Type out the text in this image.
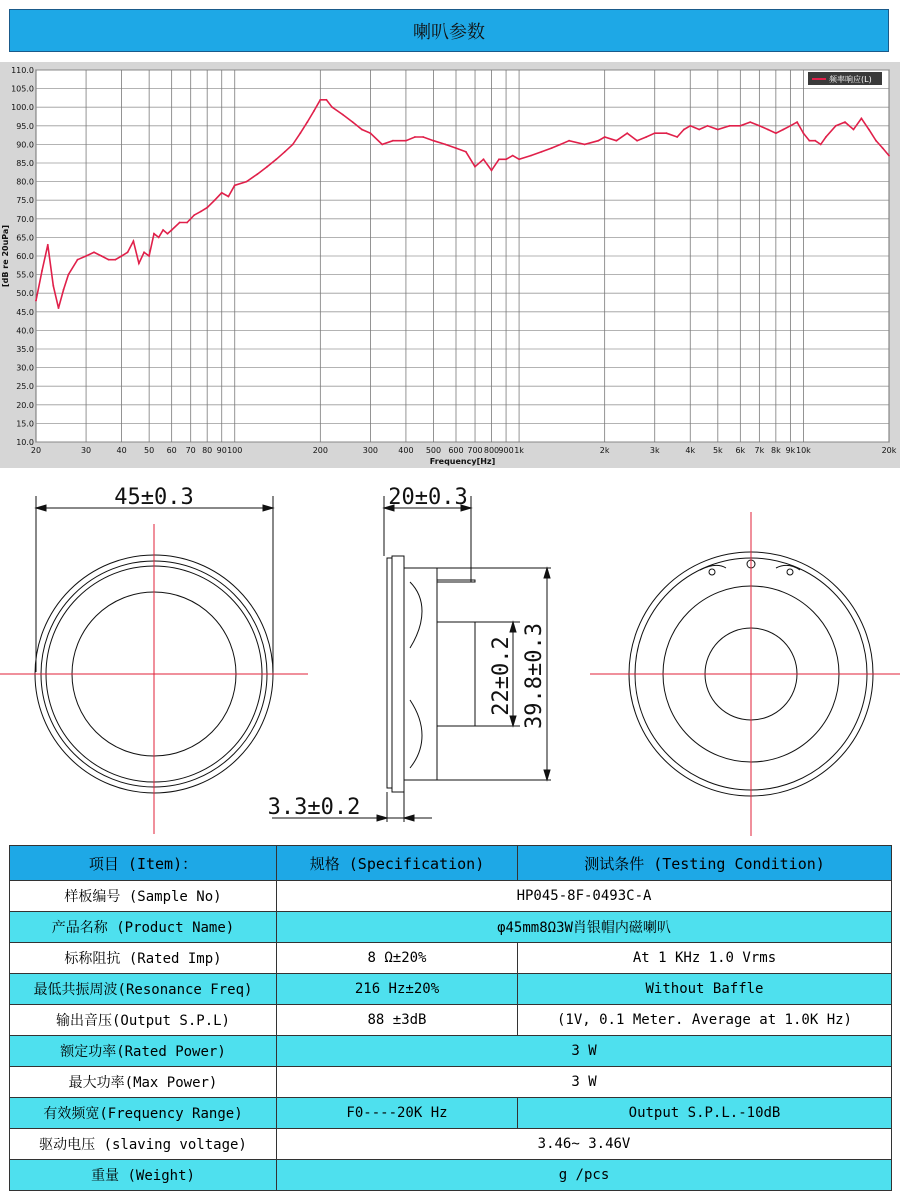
喇叭参数
10.0
15.0
20.0
25.0
30.0
35.0
40.0
45.0
50.0
55.0
60.0
65.0
70.0
75.0
80.0
85.0
90.0
95.0
100.0
105.0
110.0
20	30	40 50 60 70 80 90 100	200	300	400 500 600 700 800 900 1k	2k	3k	4k 5k 6k 7k 8k 9k 10k	20k
Frequency[Hz]
[dB re 20uPa]
频率响应(L)
45±0.3	20±0.3
22±0.2 39.8±0.3
3.3±0.2
项目 (Item)：	规格 (Specification)	测试条件 (Testing Condition)
样板编号 (Sample No)	HP045-8F-0493C-A	
产品名称 (Product Name)	φ45mm8Ω3W肖银帽内磁喇叭	
标称阻抗 (Rated Imp)	8 Ω±20%	At 1 KHz 1.0 Vrms
最低共振周波(Resonance Freq)	216 Hz±20%	Without Baffle
输出音压(Output S.P.L)	88 ±3dB	(1V, 0.1 Meter. Average at 1.0K Hz)
额定功率(Rated Power)	3 W	
最大功率(Max Power)	3 W	
有效频宽(Frequency Range)	F0----20K Hz	Output S.P.L.-10dB
驱动电压 (slaving voltage)	3.46~ 3.46V	
重量 (Weight)	g /pcs	
